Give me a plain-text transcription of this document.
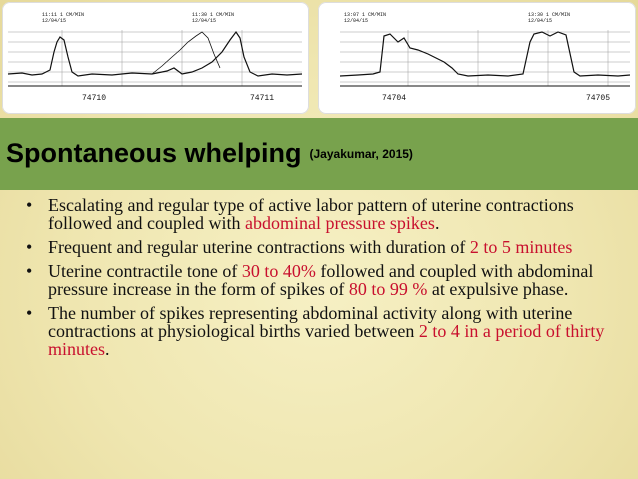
11:11 1 CM/MIN 12/04/15
11:30 1 CM/MIN 12/04/15
74710	74711
13:07 1 CM/MIN 12/04/15
13:30 1 CM/MIN 12/04/15
74704	74705
Spontaneous whelping (Jayakumar, 2015)
• Escalating and regular type of active labor pattern of uterine contractions followed and coupled with abdominal pressure spikes.
• Frequent and regular uterine contractions with duration of 2 to 5 minutes
• Uterine contractile tone of 30 to 40% followed and coupled with abdominal pressure increase in the form of spikes of 80 to 99 % at expulsive phase.
• The number of spikes representing abdominal activity along with uterine contractions at physiological births varied between 2 to 4 in a period of thirty minutes.
